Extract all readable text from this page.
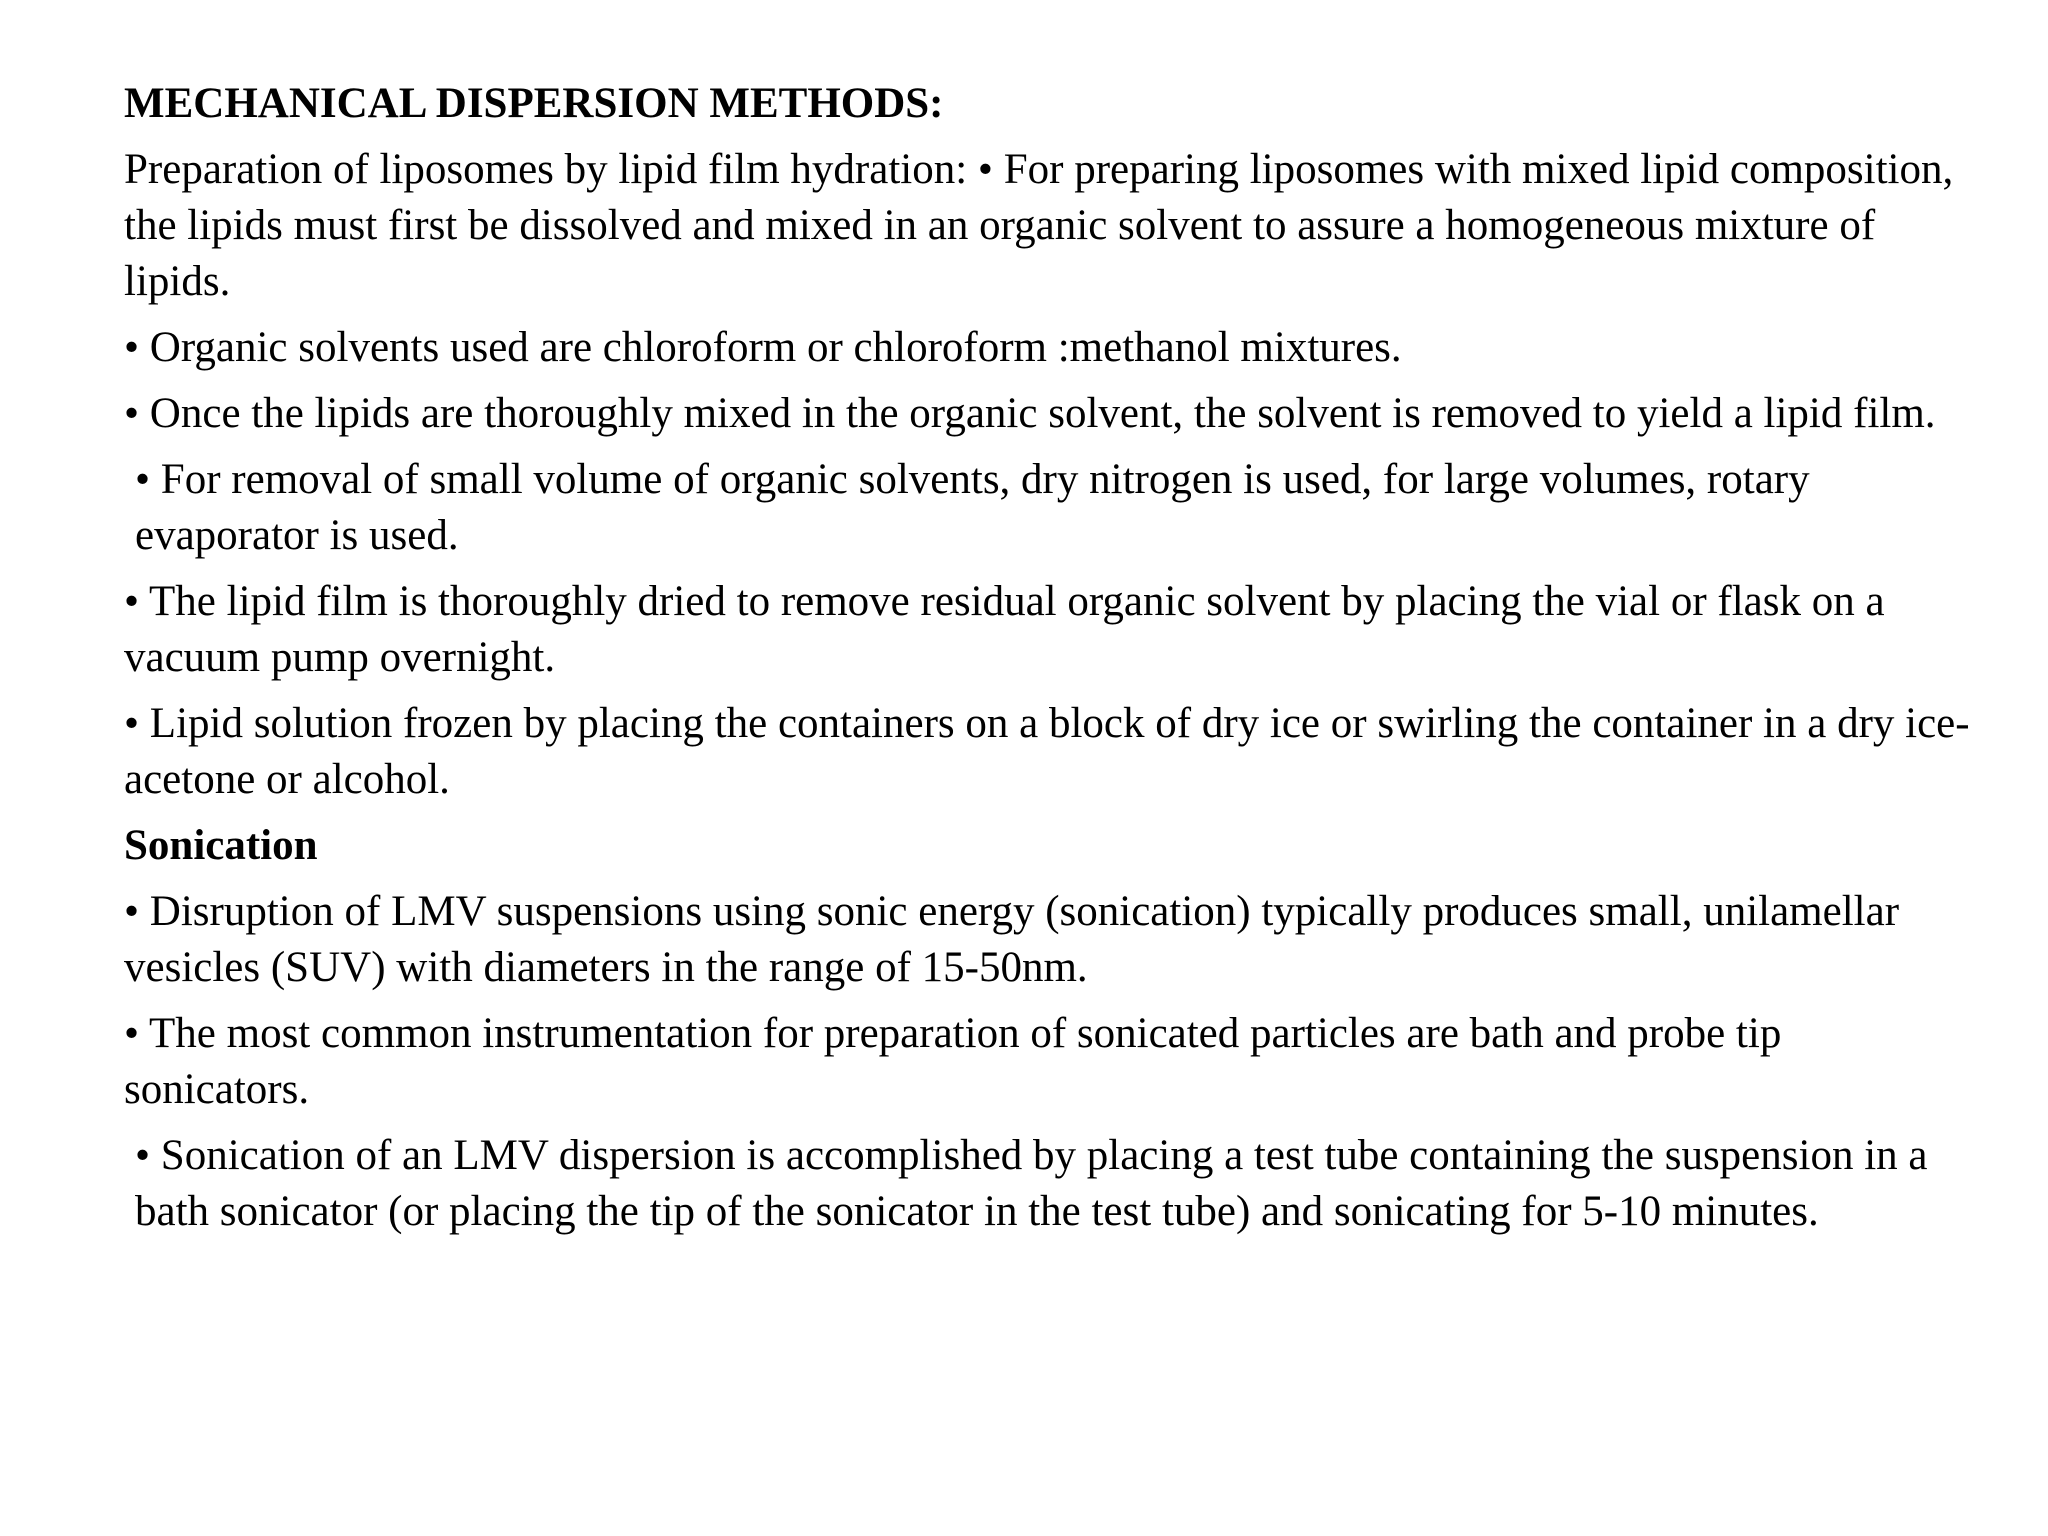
MECHANICAL DISPERSION METHODS:
Preparation of liposomes by lipid film hydration: • For preparing liposomes with mixed lipid composition, the lipids must first be dissolved and mixed in an organic solvent to assure a homogeneous mixture of lipids.
• Organic solvents used are chloroform or chloroform :methanol mixtures.
• Once the lipids are thoroughly mixed in the organic solvent, the solvent is removed to yield a lipid film.
• For removal of small volume of organic solvents, dry nitrogen is used, for large volumes, rotary evaporator is used.
• The lipid film is thoroughly dried to remove residual organic solvent by placing the vial or flask on a vacuum pump overnight.
• Lipid solution frozen by placing the containers on a block of dry ice or swirling the container in a dry ice-acetone or alcohol.
Sonication
• Disruption of LMV suspensions using sonic energy (sonication) typically produces small, unilamellar vesicles (SUV) with diameters in the range of 15-50nm.
• The most common instrumentation for preparation of sonicated particles are bath and probe tip sonicators.
• Sonication of an LMV dispersion is accomplished by placing a test tube containing the suspension in a bath sonicator (or placing the tip of the sonicator in the test tube) and sonicating for 5-10 minutes.
